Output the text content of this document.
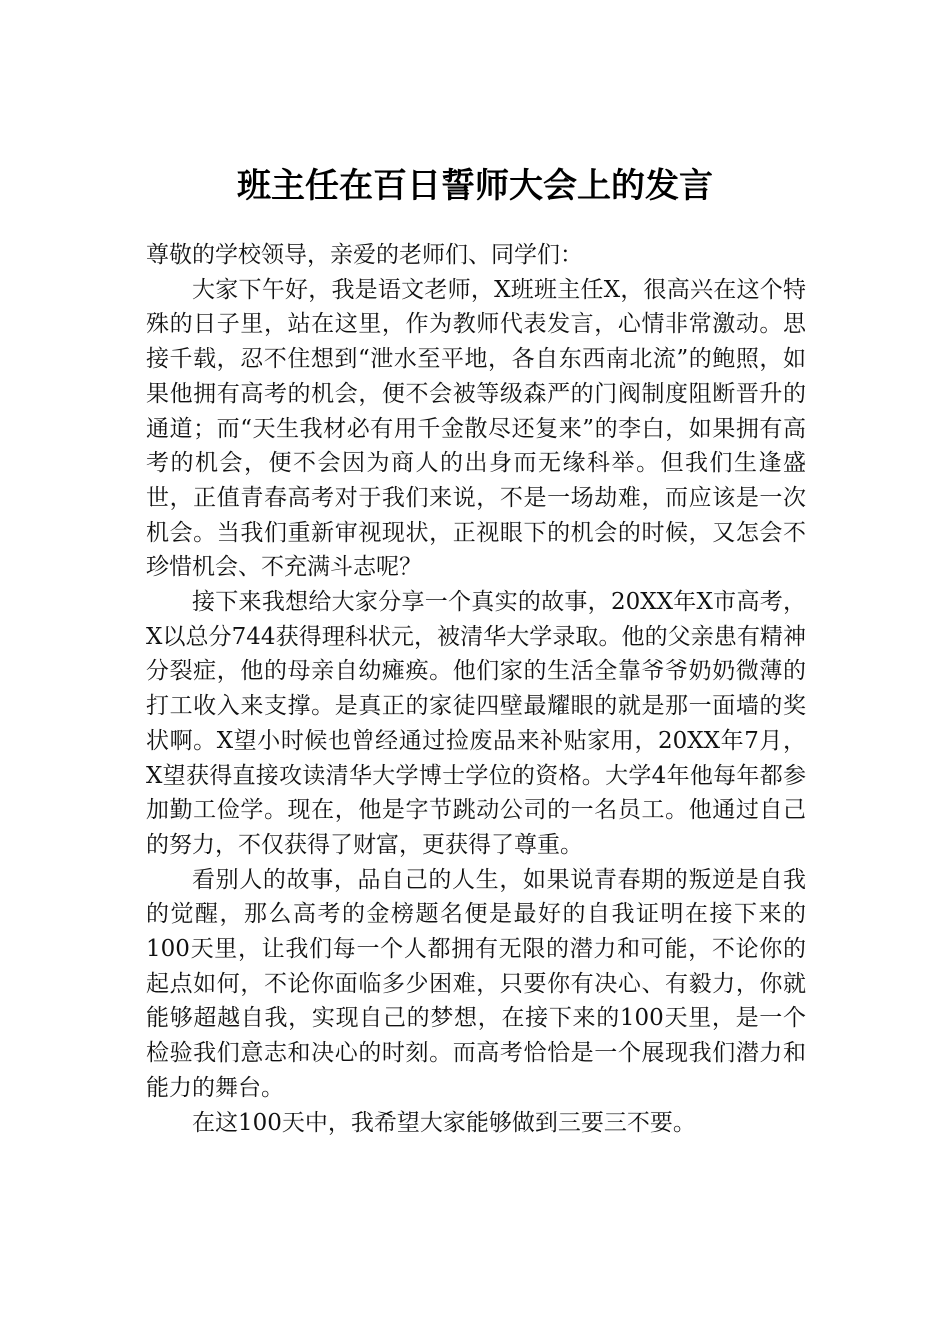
班主任在百日誓师大会上的发言

尊敬的学校领导，亲爱的老师们、同学们：

大家下午好，我是语文老师，X班班主任X，很高兴在这个特殊的日子里，站在这里，作为教师代表发言，心情非常激动。思接千载，忍不住想到“泄水至平地，各自东西南北流”的鲍照，如果他拥有高考的机会，便不会被等级森严的门阀制度阻断晋升的通道；而“天生我材必有用千金散尽还复来”的李白，如果拥有高考的机会，便不会因为商人的出身而无缘科举。但我们生逢盛世，正值青春高考对于我们来说，不是一场劫难，而应该是一次机会。当我们重新审视现状，正视眼下的机会的时候，又怎会不珍惜机会、不充满斗志呢？

接下来我想给大家分享一个真实的故事，20XX年X市高考，X以总分744获得理科状元，被清华大学录取。他的父亲患有精神分裂症，他的母亲自幼瘫痪。他们家的生活全靠爷爷奶奶微薄的打工收入来支撑。是真正的家徒四壁最耀眼的就是那一面墙的奖状啊。X望小时候也曾经通过捡废品来补贴家用，20XX年7月，X望获得直接攻读清华大学博士学位的资格。大学4年他每年都参加勤工俭学。现在，他是字节跳动公司的一名员工。他通过自己的努力，不仅获得了财富，更获得了尊重。

看别人的故事，品自己的人生，如果说青春期的叛逆是自我的觉醒，那么高考的金榜题名便是最好的自我证明在接下来的100天里，让我们每一个人都拥有无限的潜力和可能，不论你的起点如何，不论你面临多少困难，只要你有决心、有毅力，你就能够超越自我，实现自己的梦想，在接下来的100天里，是一个检验我们意志和决心的时刻。而高考恰恰是一个展现我们潜力和能力的舞台。

在这100天中，我希望大家能够做到三要三不要。
